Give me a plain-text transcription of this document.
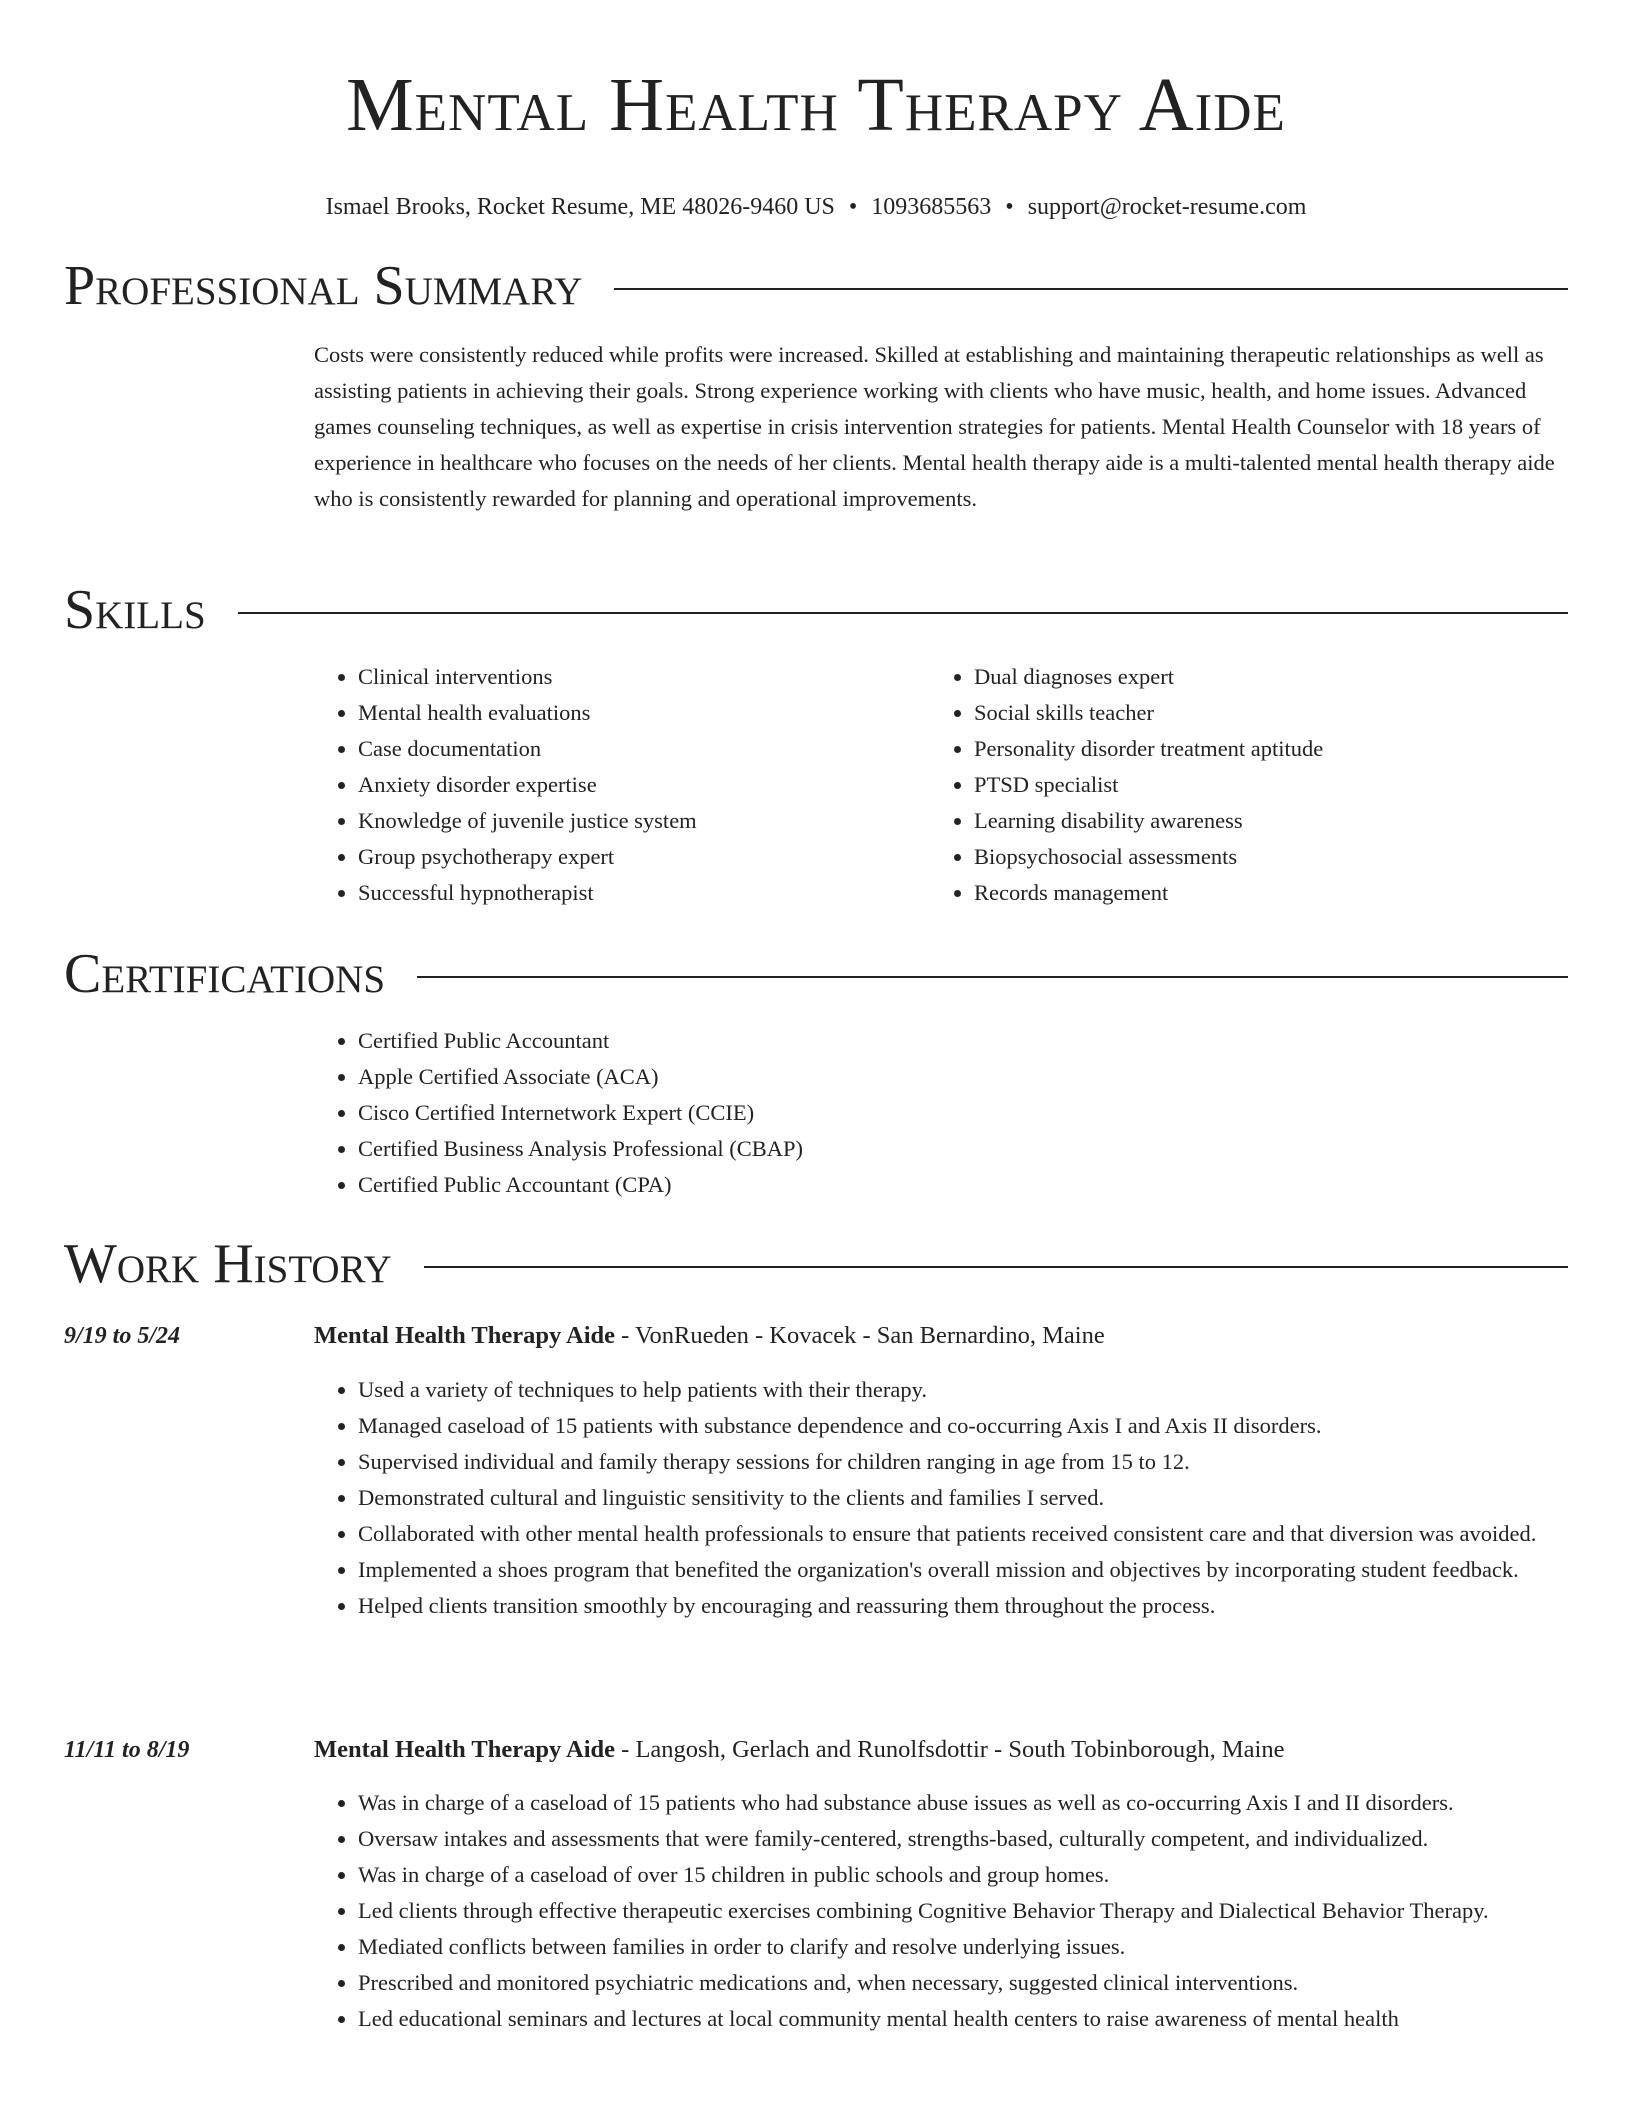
Mental Health Therapy Aide
Ismael Brooks, Rocket Resume, ME 48026-9460 US • 1093685563 • support@rocket-resume.com
Professional Summary

Costs were consistently reduced while profits were increased. Skilled at establishing and maintaining therapeutic relationships as well as assisting patients in achieving their goals. Strong experience working with clients who have music, health, and home issues. Advanced games counseling techniques, as well as expertise in crisis intervention strategies for patients. Mental Health Counselor with 18 years of experience in healthcare who focuses on the needs of her clients. Mental health therapy aide is a multi-talented mental health therapy aide who is consistently rewarded for planning and operational improvements.

Skills
• Clinical interventions
• Mental health evaluations
• Case documentation
• Anxiety disorder expertise
• Knowledge of juvenile justice system
• Group psychotherapy expert
• Successful hypnotherapist
• Dual diagnoses expert
• Social skills teacher
• Personality disorder treatment aptitude
• PTSD specialist
• Learning disability awareness
• Biopsychosocial assessments
• Records management
Certifications
• Certified Public Accountant
• Apple Certified Associate (ACA)
• Cisco Certified Internetwork Expert (CCIE)
• Certified Business Analysis Professional (CBAP)
• Certified Public Accountant (CPA)
Work History
9/19 to 5/24	Mental Health Therapy Aide - VonRueden - Kovacek - San Bernardino, Maine
• Used a variety of techniques to help patients with their therapy.
• Managed caseload of 15 patients with substance dependence and co-occurring Axis I and Axis II disorders.
• Supervised individual and family therapy sessions for children ranging in age from 15 to 12.
• Demonstrated cultural and linguistic sensitivity to the clients and families I served.
• Collaborated with other mental health professionals to ensure that patients received consistent care and that diversion was avoided.
• Implemented a shoes program that benefited the organization's overall mission and objectives by incorporating student feedback.
• Helped clients transition smoothly by encouraging and reassuring them throughout the process.
11/11 to 8/19	Mental Health Therapy Aide - Langosh, Gerlach and Runolfsdottir - South Tobinborough, Maine
• Was in charge of a caseload of 15 patients who had substance abuse issues as well as co-occurring Axis I and II disorders.
• Oversaw intakes and assessments that were family-centered, strengths-based, culturally competent, and individualized.
• Was in charge of a caseload of over 15 children in public schools and group homes.
• Led clients through effective therapeutic exercises combining Cognitive Behavior Therapy and Dialectical Behavior Therapy.
• Mediated conflicts between families in order to clarify and resolve underlying issues.
• Prescribed and monitored psychiatric medications and, when necessary, suggested clinical interventions.
• Led educational seminars and lectures at local community mental health centers to raise awareness of mental health
